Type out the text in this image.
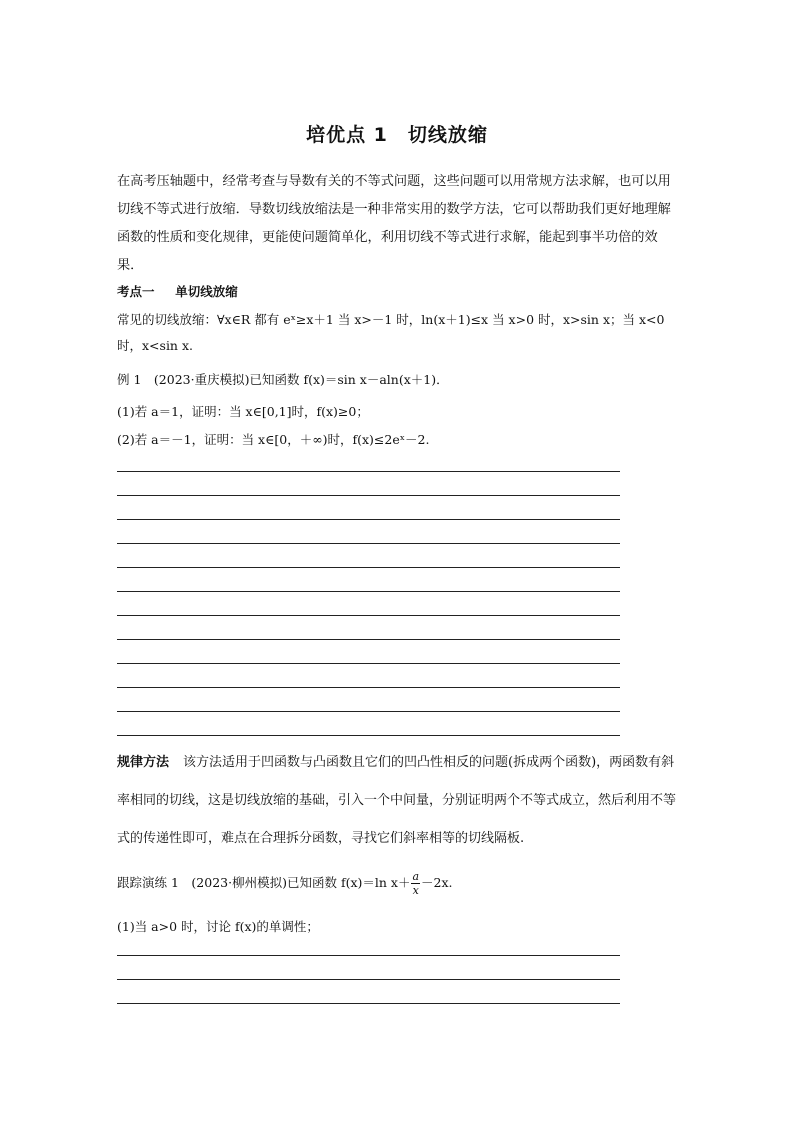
培优点 1 切线放缩
在高考压轴题中，经常考查与导数有关的不等式问题，这些问题可以用常规方法求解，也可以用切线不等式进行放缩．导数切线放缩法是一种非常实用的数学方法，它可以帮助我们更好地理解函数的性质和变化规律，更能使问题简单化，利用切线不等式进行求解，能起到事半功倍的效果．
考点一 单切线放缩
常见的切线放缩：∀x∈R 都有 eˣ≥x＋1 当 x>－1 时，ln(x＋1)≤x 当 x>0 时，x>sin x；当 x<0
时，x<sin x.
例 1　(2023·重庆模拟)已知函数 f(x)＝sin x－aln(x＋1)．
(1)若 a＝1，证明：当 x∈[0,1]时，f(x)≥0；
(2)若 a＝－1，证明：当 x∈[0，＋∞)时，f(x)≤2eˣ－2.
规律方法 该方法适用于凹函数与凸函数且它们的凹凸性相反的问题(拆成两个函数)，两函数有斜率相同的切线，这是切线放缩的基础，引入一个中间量，分别证明两个不等式成立，然后利用不等式的传递性即可，难点在合理拆分函数，寻找它们斜率相等的切线隔板.
跟踪演练 1　(2023·柳州模拟)已知函数 f(x)＝ln $x+ \frac{a}{x} -2x$.
(1)当 a>0 时，讨论 f(x)的单调性；
